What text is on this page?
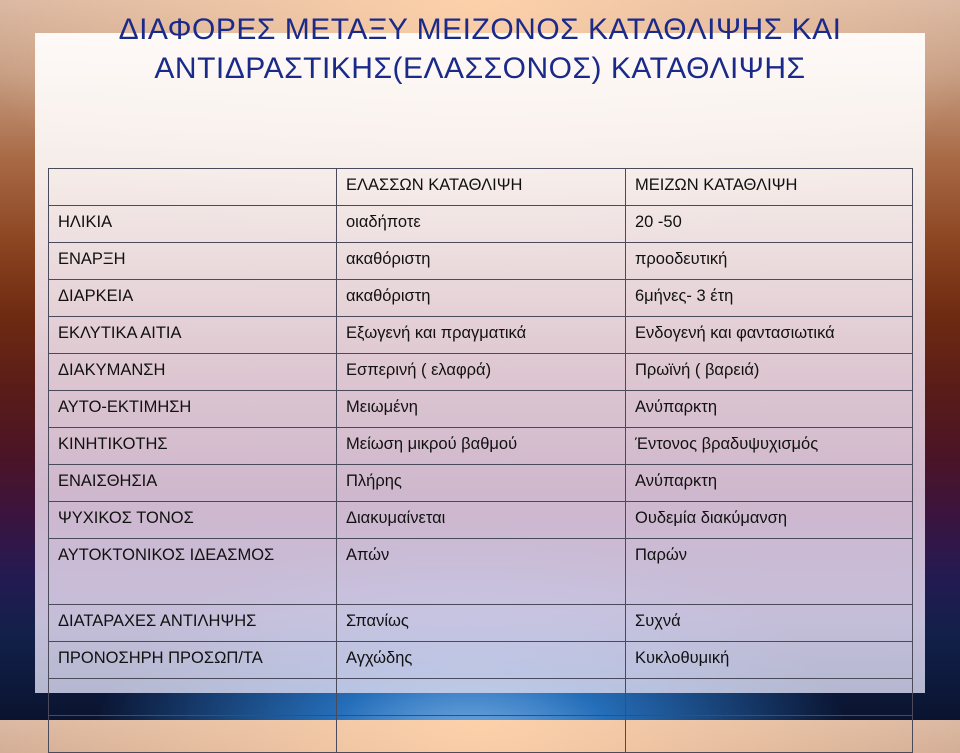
ΔΙΑΦΟΡΕΣ ΜΕΤΑΞΥ ΜΕΙΖΟΝΟΣ ΚΑΤΑΘΛΙΨΗΣ ΚΑΙ
ΑΝΤΙΔΡΑΣΤΙΚΗΣ(ΕΛΑΣΣΟΝΟΣ) ΚΑΤΑΘΛΙΨΗΣ
	ΕΛΑΣΣΩΝ ΚΑΤΑΘΛΙΨΗ	ΜΕΙΖΩΝ ΚΑΤΑΘΛΙΨΗ
ΗΛΙΚΙΑ	οιαδήποτε	20 -50
ΕΝΑΡΞΗ	ακαθόριστη	προοδευτική
ΔΙΑΡΚΕΙΑ	ακαθόριστη	6μήνες- 3 έτη
ΕΚΛΥΤΙΚΑ ΑΙΤΙΑ	Εξωγενή και πραγματικά	Ενδογενή και φαντασιωτικά
ΔΙΑΚΥΜΑΝΣΗ	Εσπερινή ( ελαφρά)	Πρωϊνή ( βαρειά)
ΑΥΤΟ-ΕΚΤΙΜΗΣΗ	Μειωμένη	Ανύπαρκτη
ΚΙΝΗΤΙΚΟΤΗΣ	Μείωση μικρού βαθμού	Έντονος βραδυψυχισμός
ΕΝΑΙΣΘΗΣΙΑ	Πλήρης	Ανύπαρκτη
ΨΥΧΙΚΟΣ ΤΟΝΟΣ	Διακυμαίνεται	Ουδεμία διακύμανση
ΑΥΤΟΚΤΟΝΙΚΟΣ ΙΔΕΑΣΜΟΣ	Απών	Παρών
ΔΙΑΤΑΡΑΧΕΣ ΑΝΤΙΛΗΨΗΣ	Σπανίως	Συχνά
ΠΡΟΝΟΣΗΡΗ ΠΡΟΣΩΠ/ΤΑ	Αγχώδης	Κυκλοθυμική
